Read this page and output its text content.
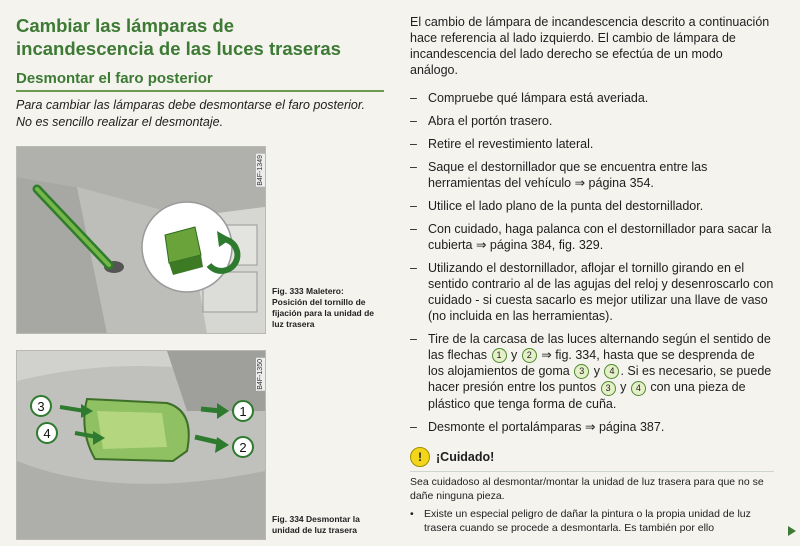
Cambiar las lámparas de
incandescencia de las luces traseras
Desmontar el faro posterior
Para cambiar las lámparas debe desmontarse el faro posterior. No es sencillo realizar el desmontaje.
B4F-1349
Fig. 333 Maletero:
Posición del tornillo de fijación para la unidad de luz trasera
1
2
3
4
B4F-1350
Fig. 334 Desmontar la
unidad de luz trasera

El cambio de lámpara de incandescencia descrito a continuación hace referencia al lado izquierdo. El cambio de lámpara de incandescencia del lado derecho se efectúa de un modo análogo.

– Compruebe qué lámpara está averiada.
– Abra el portón trasero.
– Retire el revestimiento lateral.
– Saque el destornillador que se encuentra entre las herramientas del vehículo ⇒ página 354.
– Utilice el lado plano de la punta del destornillador.
– Con cuidado, haga palanca con el destornillador para sacar la cubierta ⇒ página 384, fig. 329.
– Utilizando el destornillador, aflojar el tornillo girando en el sentido contrario al de las agujas del reloj y desenroscarlo con cuidado - si cuesta sacarlo es mejor utilizar una llave de vaso (no incluida en las herramientas).
– Tire de la carcasa de las luces alternando según el sentido de las flechas 1 y 2 ⇒ fig. 334, hasta que se desprenda de los alojamientos de goma 3 y 4 . Si es necesario, se puede hacer presión entre los puntos 3 y 4 con una pieza de plástico que tenga forma de cuña.
– Desmonte el portalámparas ⇒ página 387.
!	¡Cuidado!
Sea cuidadoso al desmontar/montar la unidad de luz trasera para que no se dañe ninguna pieza.
• Existe un especial peligro de dañar la pintura o la propia unidad de luz trasera cuando se procede a desmontarla. Es también por ello
